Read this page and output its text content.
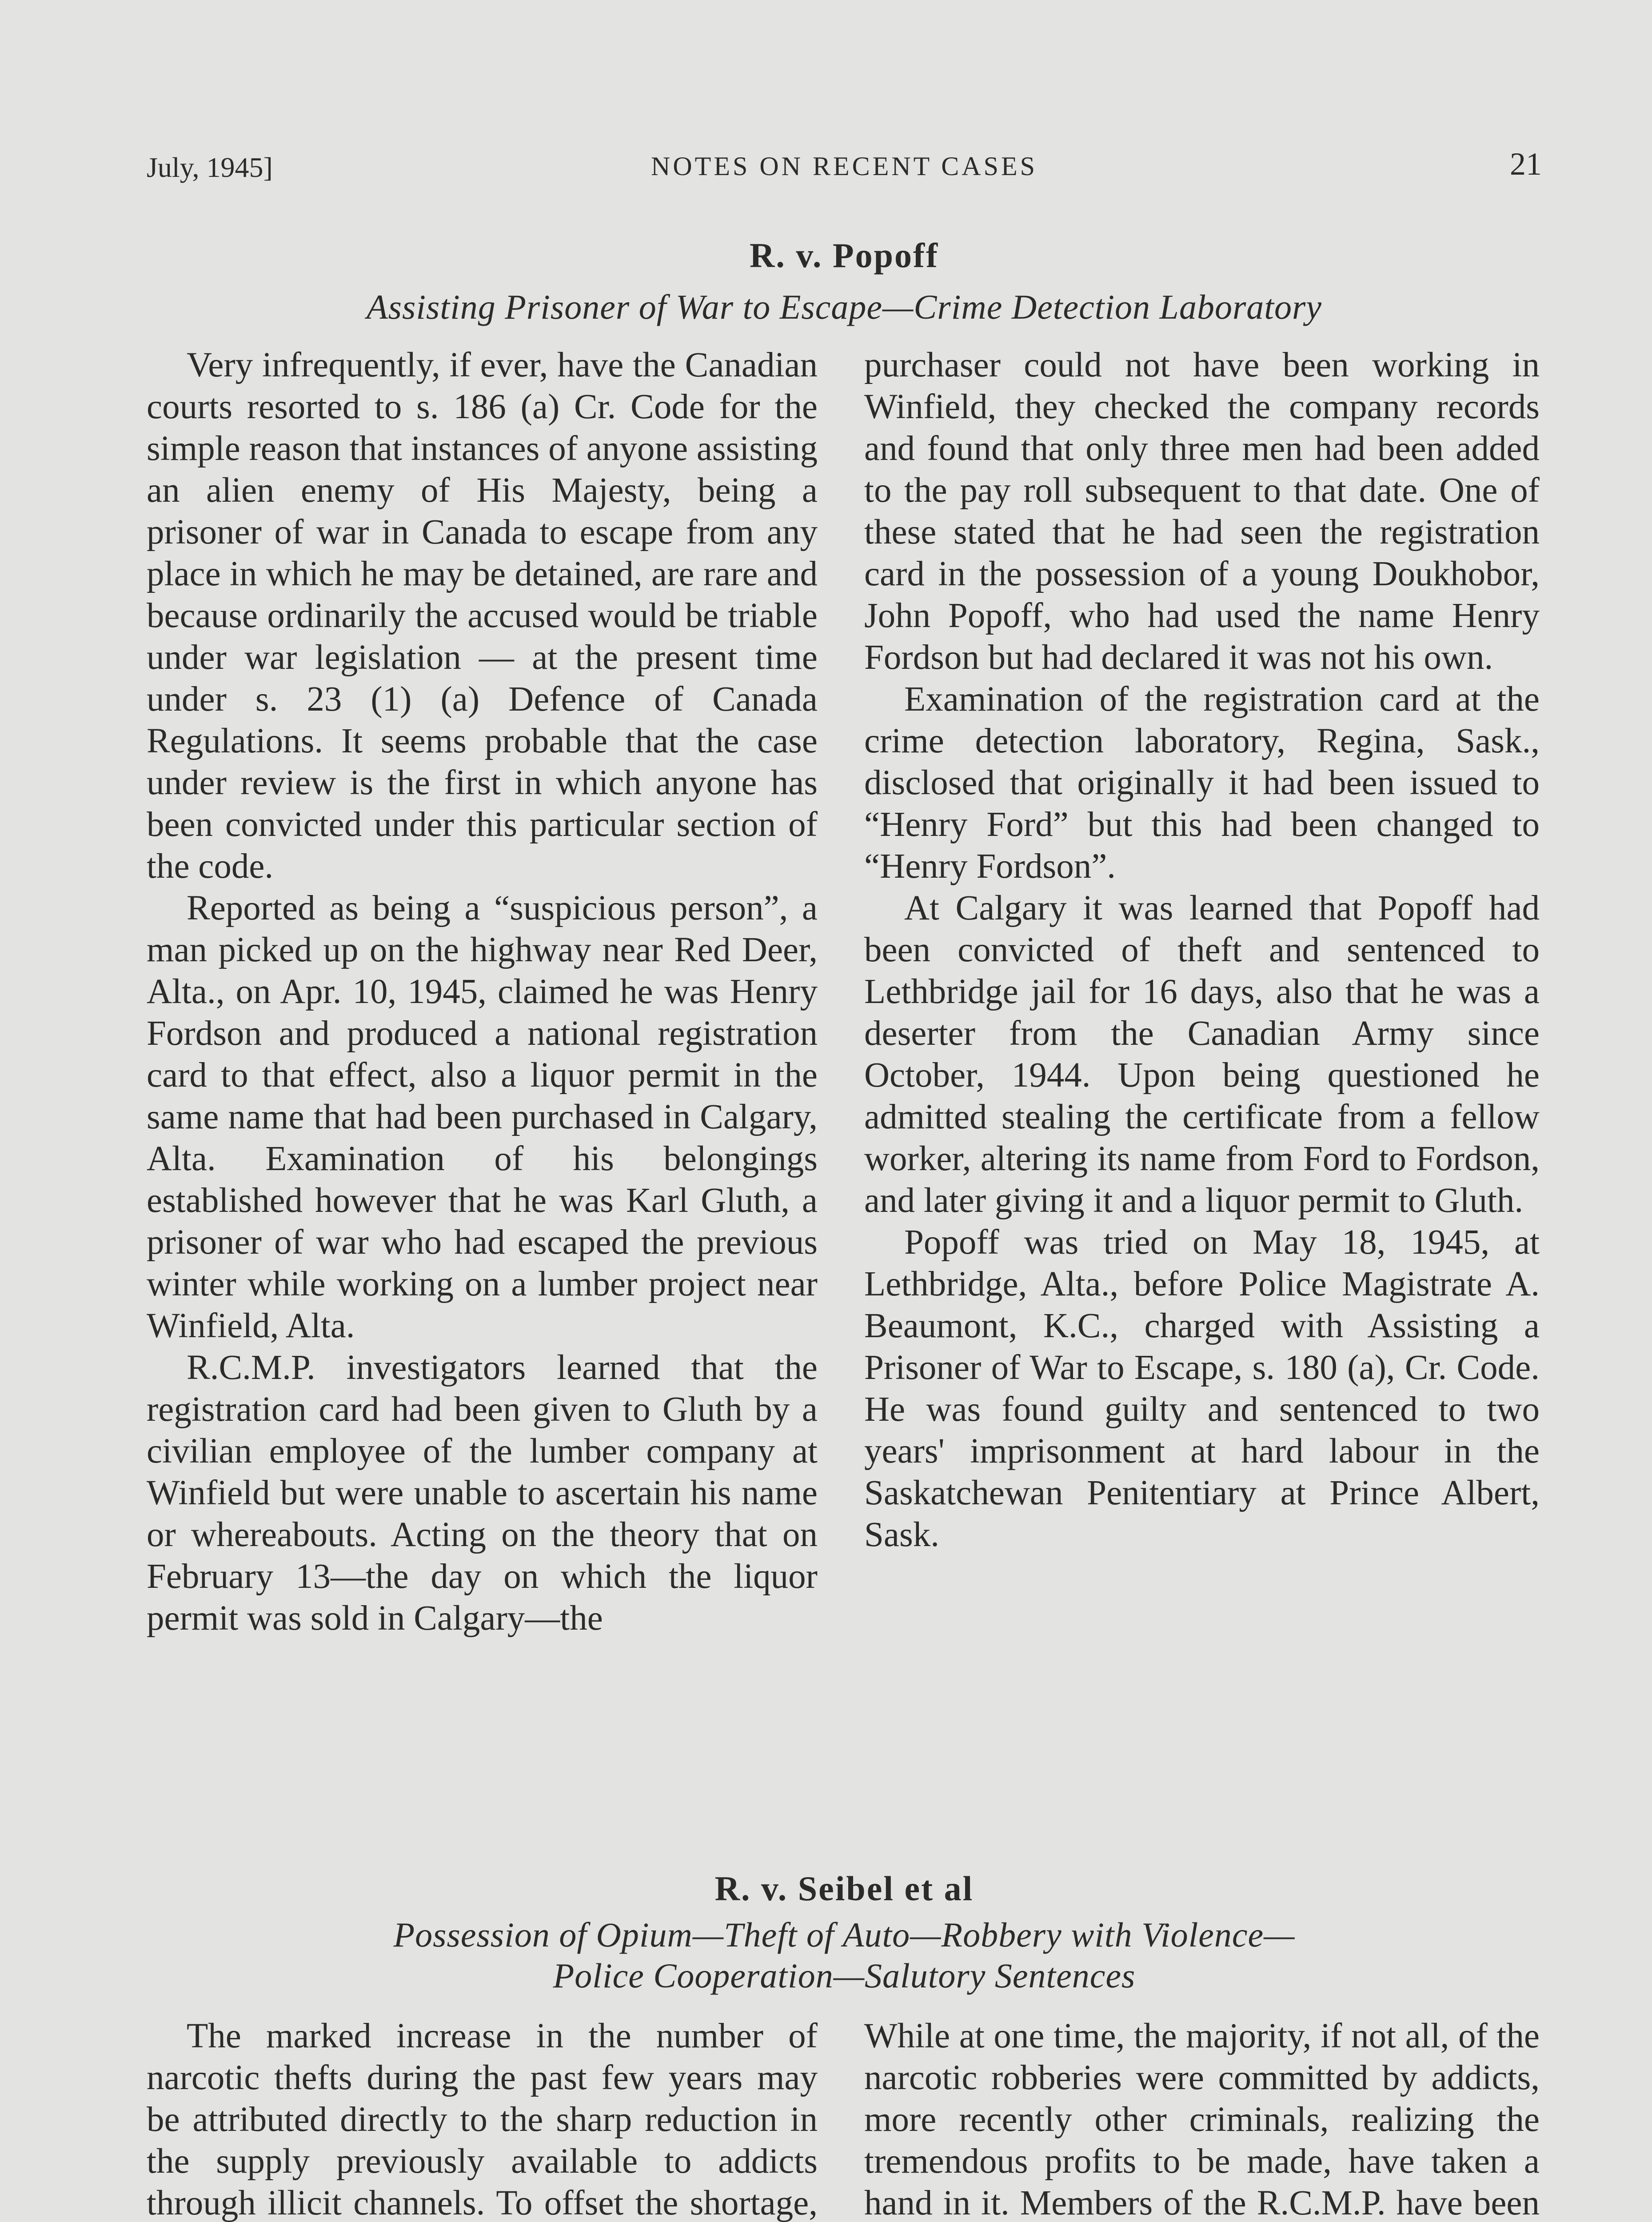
July, 1945]	NOTES ON RECENT CASES	21
R. v. Popoff
Assisting Prisoner of War to Escape—Crime Detection Laboratory

Very infrequently, if ever, have the Canadian courts resorted to s. 186 (a) Cr. Code for the simple reason that instances of anyone assisting an alien enemy of His Majesty, being a prisoner of war in Canada to escape from any place in which he may be detained, are rare and because ordinarily the accused would be triable under war legislation — at the present time under s. 23 (1) (a) Defence of Canada Regulations. It seems probable that the case under review is the first in which anyone has been convicted under this particular section of the code.

Reported as being a “suspicious person”, a man picked up on the highway near Red Deer, Alta., on Apr. 10, 1945, claimed he was Henry Fordson and produced a national registration card to that effect, also a liquor permit in the same name that had been purchased in Calgary, Alta. Examination of his belongings established however that he was Karl Gluth, a prisoner of war who had escaped the previous winter while working on a lumber project near Winfield, Alta.

R.C.M.P. investigators learned that the registration card had been given to Gluth by a civilian employee of the lumber company at Winfield but were unable to ascertain his name or whereabouts. Acting on the theory that on February 13—the day on which the liquor permit was sold in Calgary—the

purchaser could not have been working in Winfield, they checked the company records and found that only three men had been added to the pay roll subsequent to that date. One of these stated that he had seen the registration card in the possession of a young Doukhobor, John Popoff, who had used the name Henry Fordson but had declared it was not his own.

Examination of the registration card at the crime detection laboratory, Regina, Sask., disclosed that originally it had been issued to “Henry Ford” but this had been changed to “Henry Fordson”.

At Calgary it was learned that Popoff had been convicted of theft and sentenced to Lethbridge jail for 16 days, also that he was a deserter from the Canadian Army since October, 1944. Upon being questioned he admitted stealing the certificate from a fellow worker, altering its name from Ford to Fordson, and later giving it and a liquor permit to Gluth.

Popoff was tried on May 18, 1945, at Lethbridge, Alta., before Police Magistrate A. Beaumont, K.C., charged with Assisting a Prisoner of War to Escape, s. 180 (a), Cr. Code. He was found guilty and sentenced to two years' imprisonment at hard labour in the Saskatchewan Penitentiary at Prince Albert, Sask.

R. v. Seibel et al
Possession of Opium—Theft of Auto—Robbery with Violence—
Police Cooperation—Salutory Sentences

The marked increase in the number of narcotic thefts during the past few years may be attributed directly to the sharp reduction in the supply previously available to addicts through illicit channels. To offset the shortage,

While at one time, the majority, if not all, of the narcotic robberies were committed by addicts, more recently other criminals, realizing the tremendous profits to be made, have taken a hand in it. Members of the R.C.M.P. have been
